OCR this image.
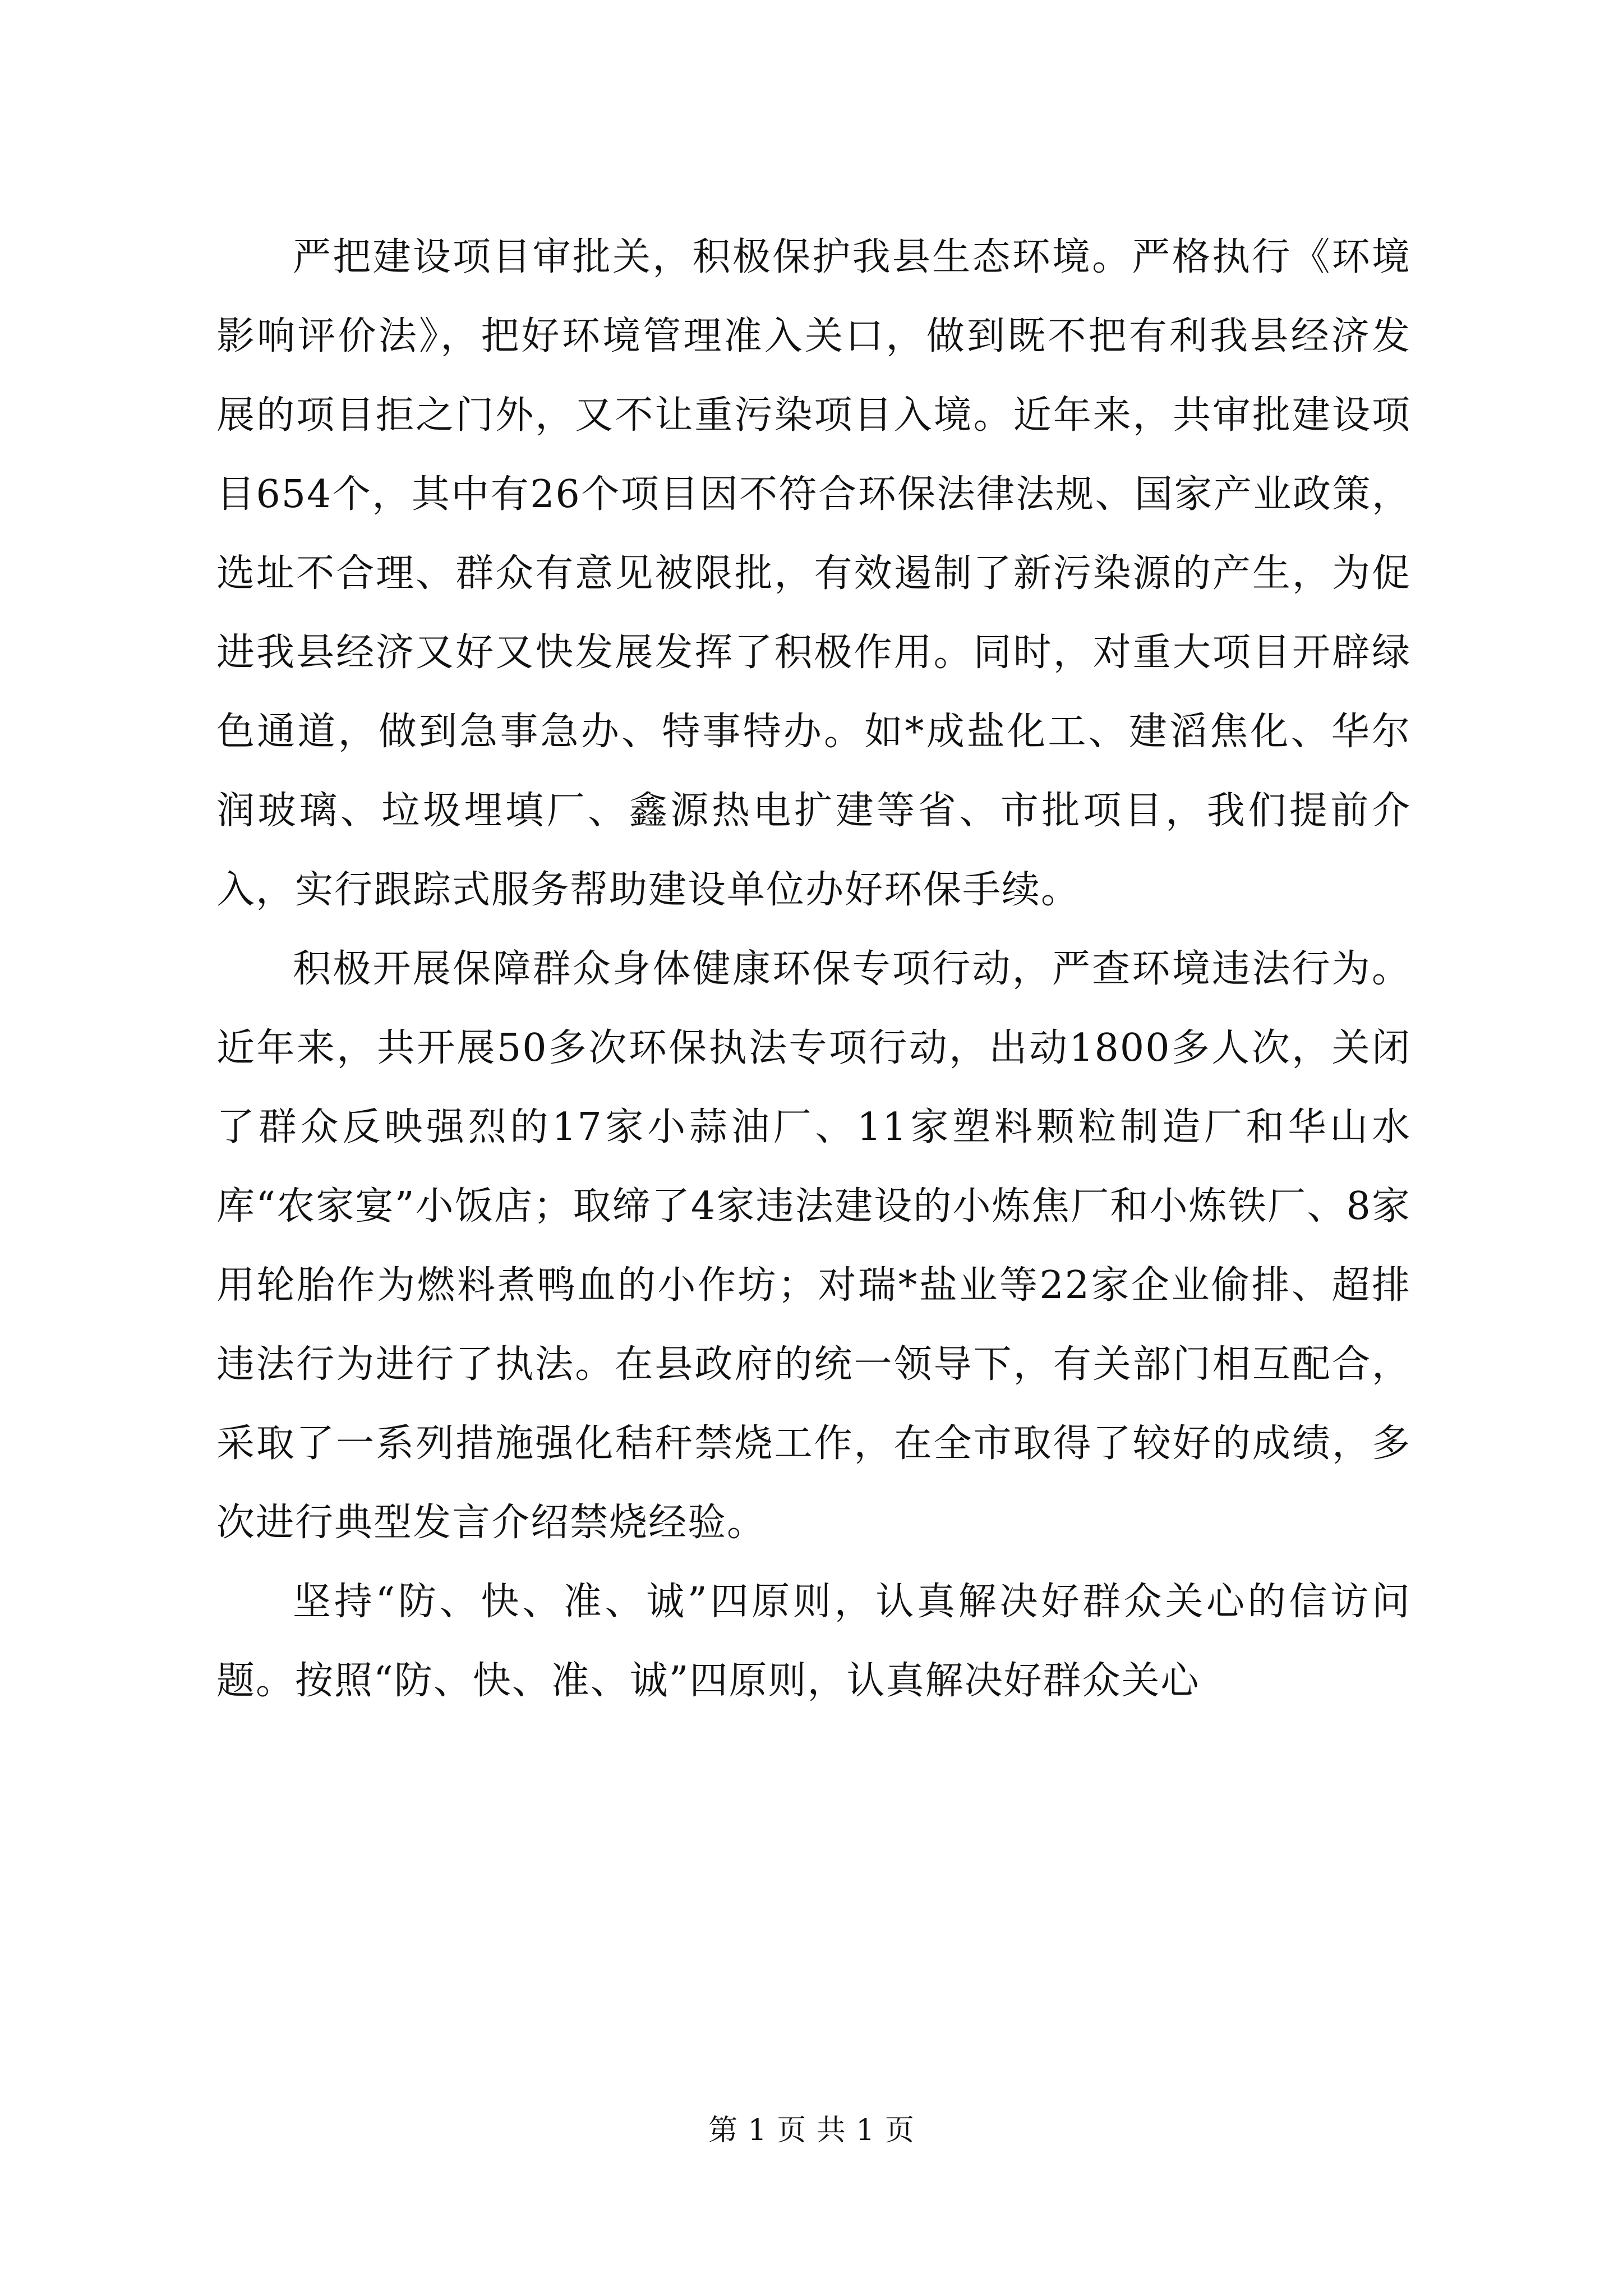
严把建设项目审批关，积极保护我县生态环境。严格执行《环境影响评价法》，把好环境管理准入关口，做到既不把有利我县经济发展的项目拒之门外，又不让重污染项目入境。近年来，共审批建设项目654个，其中有26个项目因不符合环保法律法规、国家产业政策，选址不合理、群众有意见被限批，有效遏制了新污染源的产生，为促进我县经济又好又快发展发挥了积极作用。同时，对重大项目开辟绿色通道，做到急事急办、特事特办。如*成盐化工、建滔焦化、华尔润玻璃、垃圾埋填厂、鑫源热电扩建等省、市批项目，我们提前介入，实行跟踪式服务帮助建设单位办好环保手续。

积极开展保障群众身体健康环保专项行动，严查环境违法行为。近年来，共开展50多次环保执法专项行动，出动1800多人次，关闭了群众反映强烈的17家小蒜油厂、11家塑料颗粒制造厂和华山水库“农家宴”小饭店；取缔了4家违法建设的小炼焦厂和小炼铁厂、8家用轮胎作为燃料煮鸭血的小作坊；对瑞*盐业等22家企业偷排、超排违法行为进行了执法。在县政府的统一领导下，有关部门相互配合，采取了一系列措施强化秸秆禁烧工作，在全市取得了较好的成绩，多次进行典型发言介绍禁烧经验。

坚持“防、快、准、诚”四原则，认真解决好群众关心的信访问题。按照“防、快、准、诚”四原则，认真解决好群众关心

第 1 页 共 1 页
